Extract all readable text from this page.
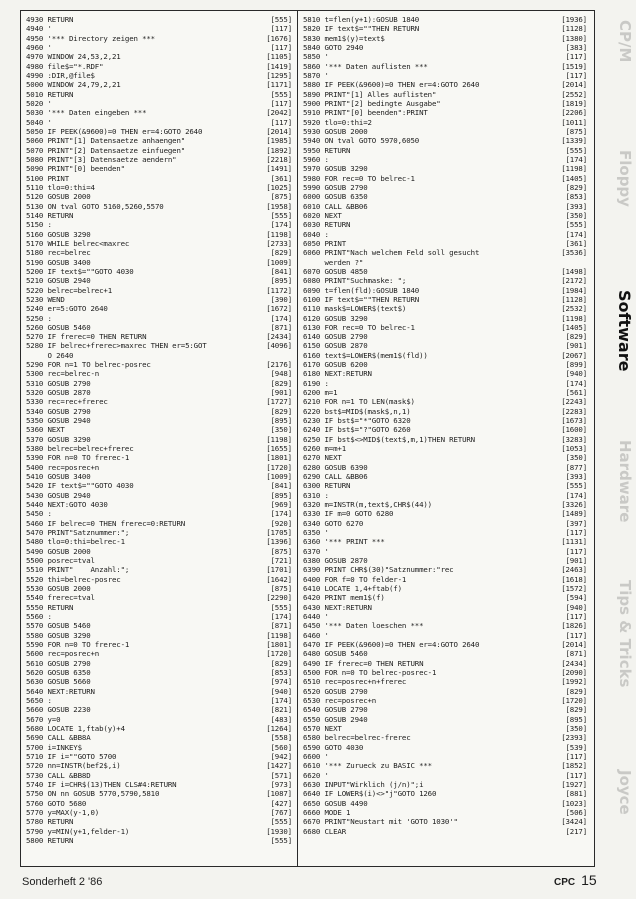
4930 RETURN	[555]
4940 '	[117]
4950 '*** Directory zeigen ***	[1676]
4960 '	[117]
4970 WINDOW 24,53,2,21	[1105]
4980 file$="*.RDF"	[1419]
4990 :DIR,@file$	[1295]
5000 WINDOW 24,79,2,21	[1171]
5010 RETURN	[555]
5020 '	[117]
5030 '*** Daten eingeben ***	[2042]
5040 '	[117]
5050 IF PEEK(&9600)=0 THEN er=4:GOTO 2640	[2014]
5060 PRINT"[1] Datensaetze anhaengen"	[1985]
5070 PRINT"[2] Datensaetze einfuegen"	[1892]
5080 PRINT"[3] Datensaetze aendern"	[2218]
5090 PRINT"[0] beenden"	[1491]
5100 PRINT	[361]
5110 tlo=0:thi=4	[1025]
5120 GOSUB 2000	[875]
5130 ON tval GOTO 5160,5260,5570	[1958]
5140 RETURN	[555]
5150 :	[174]
5160 GOSUB 3290	[1198]
5170 WHILE belrec<maxrec	[2733]
5180 rec=belrec	[829]
5190 GOSUB 3400	[1009]
5200 IF text$=""GOTO 4030	[841]
5210 GOSUB 2940	[895]
5220 belrec=belrec+1	[1172]
5230 WEND	[390]
5240 er=5:GOTO 2640	[1672]
5250 :	[174]
5260 GOSUB 5460	[871]
5270 IF frerec=0 THEN RETURN	[2434]
5280 IF belrec+frerec>maxrec THEN er=5:GOT	[4096]
O 2640
5290 FOR n=1 TO belrec-posrec	[2176]
5300 rec=belrec-n	[948]
5310 GOSUB 2790	[829]
5320 GOSUB 2870	[901]
5330 rec=rec+frerec	[1727]
5340 GOSUB 2790	[829]
5350 GOSUB 2940	[895]
5360 NEXT	[350]
5370 GOSUB 3290	[1198]
5380 belrec=belrec+frerec	[1655]
5390 FOR n=0 TO frerec-1	[1801]
5400 rec=posrec+n	[1720]
5410 GOSUB 3400	[1009]
5420 IF text$=""GOTO 4030	[841]
5430 GOSUB 2940	[895]
5440 NEXT:GOTO 4030	[969]
5450 :	[174]
5460 IF belrec=0 THEN frerec=0:RETURN	[920]
5470 PRINT"Satznummer:";	[1705]
5480 tlo=0:thi=belrec-1	[1396]
5490 GOSUB 2000	[875]
5500 posrec=tval	[721]
5510 PRINT"    Anzahl:";	[1701]
5520 thi=belrec-posrec	[1642]
5530 GOSUB 2000	[875]
5540 frerec=tval	[2290]
5550 RETURN	[555]
5560 :	[174]
5570 GOSUB 5460	[871]
5580 GOSUB 3290	[1198]
5590 FOR n=0 TO frerec-1	[1801]
5600 rec=posrec+n	[1720]
5610 GOSUB 2790	[829]
5620 GOSUB 6350	[853]
5630 GOSUB 5660	[974]
5640 NEXT:RETURN	[940]
5650 :	[174]
5660 GOSUB 2230	[821]
5670 y=0	[483]
5680 LOCATE 1,ftab(y)+4	[1264]
5690 CALL &BB8A	[558]
5700 i=INKEY$	[560]
5710 IF i=""GOTO 5700	[942]
5720 nn=INSTR(bef2$,i)	[1427]
5730 CALL &BB8D	[571]
5740 IF i=CHR$(13)THEN CLS#4:RETURN	[973]
5750 ON nn GOSUB 5770,5790,5810	[1087]
5760 GOTO 5680	[427]
5770 y=MAX(y-1,0)	[767]
5780 RETURN	[555]
5790 y=MIN(y+1,felder-1)	[1930]
5800 RETURN	[555]
5810 t=flen(y+1):GOSUB 1840	[1936]
5820 IF text$=""THEN RETURN	[1128]
5830 mem1$(y)=text$	[1380]
5840 GOTO 2940	[383]
5850 '	[117]
5860 '*** Daten auflisten ***	[1519]
5870 '	[117]
5880 IF PEEK(&9600)=0 THEN er=4:GOTO 2640	[2014]
5890 PRINT"[1] Alles auflisten"	[2552]
5900 PRINT"[2] bedingte Ausgabe"	[1819]
5910 PRINT"[0] beenden":PRINT	[2206]
5920 tlo=0:thi=2	[1011]
5930 GOSUB 2000	[875]
5940 ON tval GOTO 5970,6050	[1339]
5950 RETURN	[555]
5960 :	[174]
5970 GOSUB 3290	[1198]
5980 FOR rec=0 TO belrec-1	[1405]
5990 GOSUB 2790	[829]
6000 GOSUB 6350	[853]
6010 CALL &BB06	[393]
6020 NEXT	[350]
6030 RETURN	[555]
6040 :	[174]
6050 PRINT	[361]
6060 PRINT"Nach welchem Feld soll gesucht	[3536]
werden ?"
6070 GOSUB 4850	[1498]
6080 PRINT"Suchmaske: ";	[2172]
6090 t=flen(fld):GOSUB 1840	[1984]
6100 IF text$=""THEN RETURN	[1128]
6110 mask$=LOWER$(text$)	[2532]
6120 GOSUB 3290	[1198]
6130 FOR rec=0 TO belrec-1	[1405]
6140 GOSUB 2790	[829]
6150 GOSUB 2870	[901]
6160 text$=LOWER$(mem1$(fld))	[2067]
6170 GOSUB 6200	[899]
6180 NEXT:RETURN	[940]
6190 :	[174]
6200 m=1	[561]
6210 FOR n=1 TO LEN(mask$)	[2243]
6220 bst$=MID$(mask$,n,1)	[2283]
6230 IF bst$="*"GOTO 6320	[1673]
6240 IF bst$="?"GOTO 6260	[1600]
6250 IF bst$<>MID$(text$,m,1)THEN RETURN	[3283]
6260 m=m+1	[1053]
6270 NEXT	[350]
6280 GOSUB 6390	[877]
6290 CALL &BB06	[393]
6300 RETURN	[555]
6310 :	[174]
6320 m=INSTR(m,text$,CHR$(44))	[3326]
6330 IF m=0 GOTO 6280	[1489]
6340 GOTO 6270	[397]
6350 '	[117]
6360 '*** PRINT ***	[1131]
6370 '	[117]
6380 GOSUB 2870	[901]
6390 PRINT CHR$(30)"Satznummer:"rec	[2463]
6400 FOR f=0 TO felder-1	[1618]
6410 LOCATE 1,4+ftab(f)	[1572]
6420 PRINT mem1$(f)	[594]
6430 NEXT:RETURN	[940]
6440 '	[117]
6450 '*** Daten loeschen ***	[1826]
6460 '	[117]
6470 IF PEEK(&9600)=0 THEN er=4:GOTO 2640	[2014]
6480 GOSUB 5460	[871]
6490 IF frerec=0 THEN RETURN	[2434]
6500 FOR n=0 TO belrec-posrec-1	[2090]
6510 rec=posrec+n+frerec	[1992]
6520 GOSUB 2790	[829]
6530 rec=posrec+n	[1720]
6540 GOSUB 2790	[829]
6550 GOSUB 2940	[895]
6570 NEXT	[350]
6580 belrec=belrec-frerec	[2393]
6590 GOTO 4030	[539]
6600 '	[117]
6610 '*** Zurueck zu BASIC ***	[1852]
6620 '	[117]
6630 INPUT"Wirklich (j/n)";i	[1927]
6640 IF LOWER$(i)<>"j"GOTO 1260	[881]
6650 GOSUB 4490	[1023]
6660 MODE 1	[506]
6670 PRINT"Neustart mit 'GOTO 1030'"	[3424]
6680 CLEAR	[217]
CP/M
Floppy
Software
Hardware
Tips & Tricks
Joyce
Sonderheft 2 '86	CPC 15
